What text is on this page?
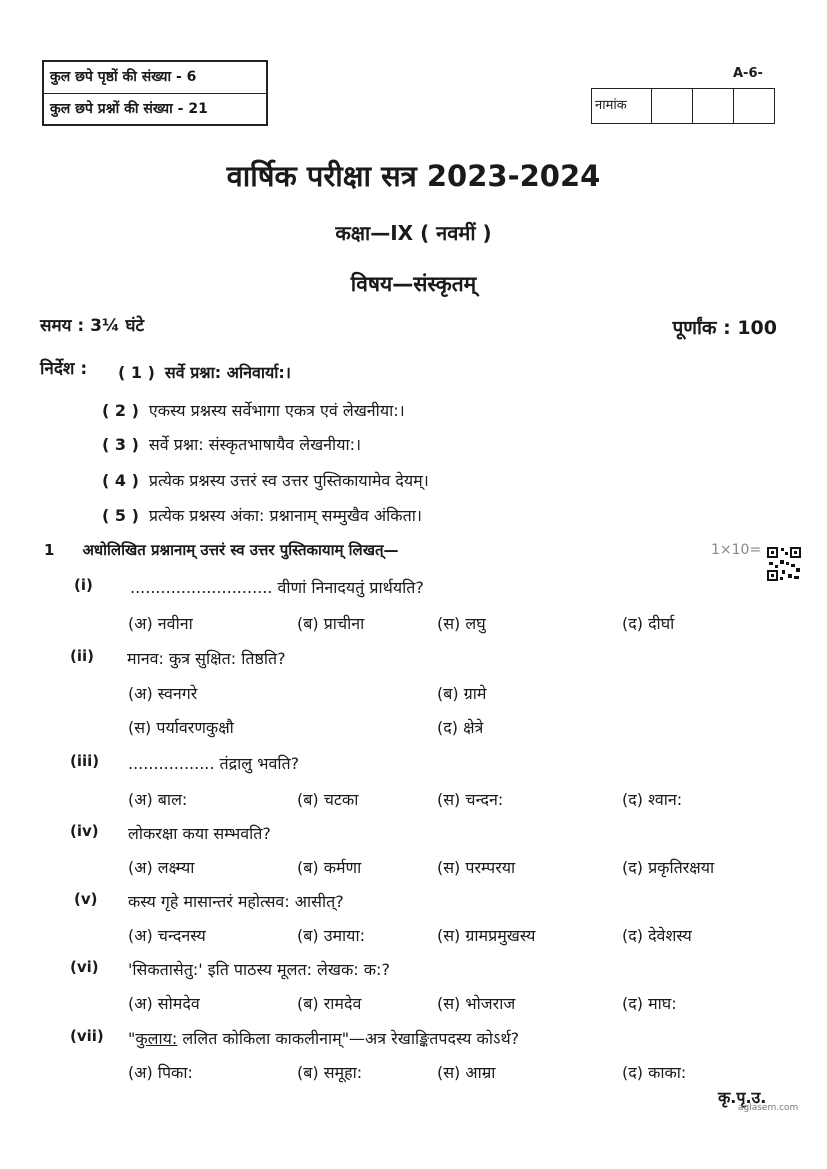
कुल छपे पृष्ठों की संख्या - 6
कुल छपे प्रश्नों की संख्या - 21
A-6-
नामांक
वार्षिक परीक्षा सत्र 2023-2024
कक्षा—IX ( नवमीं )
विषय—संस्कृतम्
समय : 3¼ घंटे	पूर्णांक : 100
निर्देश : ( 1 ) सर्वे प्रश्ना: अनिवार्या:।
( 2 ) एकस्य प्रश्नस्य सर्वेभागा एकत्र एवं लेखनीया:।
( 3 ) सर्वे प्रश्ना: संस्कृतभाषायैव लेखनीया:।
( 4 ) प्रत्येक प्रश्नस्य उत्तरं स्व उत्तर पुस्तिकायामेव देयम्।
( 5 ) प्रत्येक प्रश्नस्य अंका: प्रश्नानाम् सम्मुखैव अंकिता।
1 अधोलिखित प्रश्नानाम् उत्तरं स्व उत्तर पुस्तिकायाम् लिखत्—	1×10=
(i) ............................ वीणां निनादयतुं प्रार्थयति?
(अ) नवीना	(ब) प्राचीना	(स) लघु	(द) दीर्घा
(ii) मानव: कुत्र सुक्षित: तिष्ठति?
(अ) स्वनगरे	(ब) ग्रामे
(स) पर्यावरणकुक्षौ	(द) क्षेत्रे
(iii) ................. तंद्रालु भवति?
(अ) बाल:	(ब) चटका	(स) चन्दन:	(द) श्वान:
(iv) लोकरक्षा कया सम्भवति?
(अ) लक्ष्म्या	(ब) कर्मणा	(स) परम्परया	(द) प्रकृतिरक्षया
(v) कस्य गृहे मासान्तरं महोत्सव: आसीत्?
(अ) चन्दनस्य	(ब) उमाया:	(स) ग्रामप्रमुखस्य	(द) देवेशस्य
(vi) 'सिकतासेतु:' इति पाठस्य मूलत: लेखक: क:?
(अ) सोमदेव	(ब) रामदेव	(स) भोजराज	(द) माघ:
(vii) "कुलाय: ललित कोकिला काकलीनाम्"—अत्र रेखाङ्कितपदस्य कोऽर्थ?
(अ) पिका:	(ब) समूहा:	(स) आम्रा	(द) काका:
कृ.पृ.उ.
aglasem.com
